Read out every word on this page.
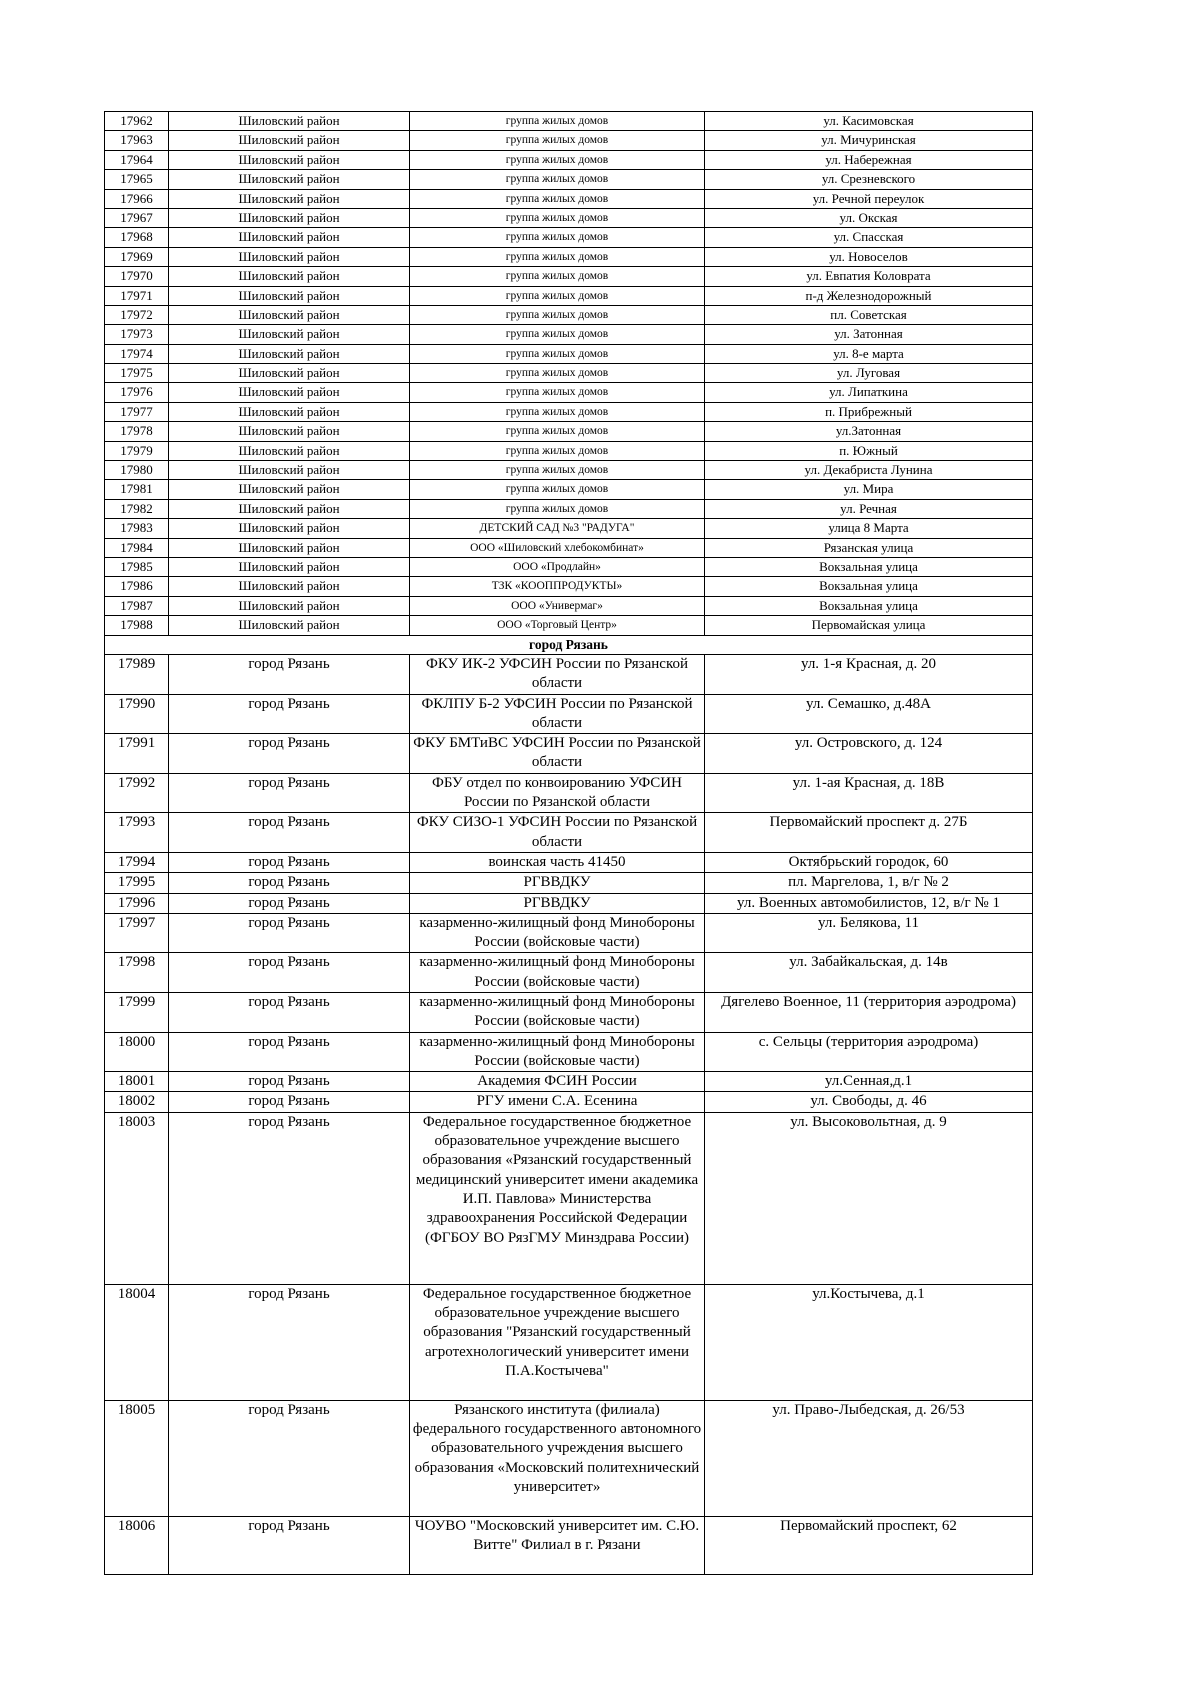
17962	Шиловский район	группа жилых домов	ул. Касимовская
17963	Шиловский район	группа жилых домов	ул. Мичуринская
17964	Шиловский район	группа жилых домов	ул. Набережная
17965	Шиловский район	группа жилых домов	ул. Срезневского
17966	Шиловский район	группа жилых домов	ул. Речной переулок
17967	Шиловский район	группа жилых домов	ул. Окская
17968	Шиловский район	группа жилых домов	ул. Спасская
17969	Шиловский район	группа жилых домов	ул. Новоселов
17970	Шиловский район	группа жилых домов	ул. Евпатия Коловрата
17971	Шиловский район	группа жилых домов	п-д Железнодорожный
17972	Шиловский район	группа жилых домов	пл. Советская
17973	Шиловский район	группа жилых домов	ул. Затонная
17974	Шиловский район	группа жилых домов	ул. 8-е марта
17975	Шиловский район	группа жилых домов	ул. Луговая
17976	Шиловский район	группа жилых домов	ул. Липаткина
17977	Шиловский район	группа жилых домов	п. Прибрежный
17978	Шиловский район	группа жилых домов	ул.Затонная
17979	Шиловский район	группа жилых домов	п. Южный
17980	Шиловский район	группа жилых домов	ул. Декабриста Лунина
17981	Шиловский район	группа жилых домов	ул. Мира
17982	Шиловский район	группа жилых домов	ул. Речная
17983	Шиловский район	ДЕТСКИЙ САД №3 "РАДУГА"	улица 8 Марта
17984	Шиловский район	ООО «Шиловский хлебокомбинат»	Рязанская улица
17985	Шиловский район	ООО «Продлайн»	Вокзальная улица
17986	Шиловский район	ТЗК «КООППРОДУКТЫ»	Вокзальная улица
17987	Шиловский район	ООО «Универмаг»	Вокзальная улица
17988	Шиловский район	ООО «Торговый Центр»	Первомайская улица
город Рязань			
17989	город Рязань	ФКУ ИК-2 УФСИН России по Рязанской области	ул. 1-я Красная, д. 20
17990	город Рязань	ФКЛПУ Б-2 УФСИН России по Рязанской области	ул. Семашко, д.48А
17991	город Рязань	ФКУ БМТиВС УФСИН России по Рязанской области	ул. Островского, д. 124
17992	город Рязань	ФБУ отдел по конвоированию УФСИН России по Рязанской области	ул. 1-ая Красная, д. 18В
17993	город Рязань	ФКУ СИЗО-1 УФСИН России по Рязанской области	Первомайский проспект д. 27Б
17994	город Рязань	воинская часть 41450	Октябрьский городок, 60
17995	город Рязань	РГВВДКУ	пл. Маргелова, 1, в/г № 2
17996	город Рязань	РГВВДКУ	ул. Военных автомобилистов, 12, в/г № 1
17997	город Рязань	казарменно-жилищный фонд Минобороны России (войсковые части)	ул. Белякова, 11
17998	город Рязань	казарменно-жилищный фонд Минобороны России (войсковые части)	ул. Забайкальская, д. 14в
17999	город Рязань	казарменно-жилищный фонд Минобороны России (войсковые части)	Дягелево Военное, 11 (территория аэродрома)
18000	город Рязань	казарменно-жилищный фонд Минобороны России (войсковые части)	с. Сельцы (территория аэродрома)
18001	город Рязань	Академия ФСИН России	ул.Сенная,д.1
18002	город Рязань	РГУ имени С.А. Есенина	ул. Свободы, д. 46
18003	город Рязань	Федеральное государственное бюджетное образовательное учреждение высшего образования «Рязанский государственный медицинский университет имени академика И.П. Павлова» Министерства здравоохранения Российской Федерации (ФГБОУ ВО РязГМУ Минздрава России)	ул. Высоковольтная, д. 9
18004	город Рязань	Федеральное государственное бюджетное образовательное учреждение высшего образования "Рязанский государственный агротехнологический университет имени П.А.Костычева"	ул.Костычева, д.1
18005	город Рязань	Рязанского института (филиала) федерального государственного автономного образовательного учреждения высшего образования «Московский политехнический университет»	ул. Право-Лыбедская, д. 26/53
18006	город Рязань	ЧОУВО "Московский университет им. С.Ю. Витте" Филиал в г. Рязани	Первомайский проспект, 62
